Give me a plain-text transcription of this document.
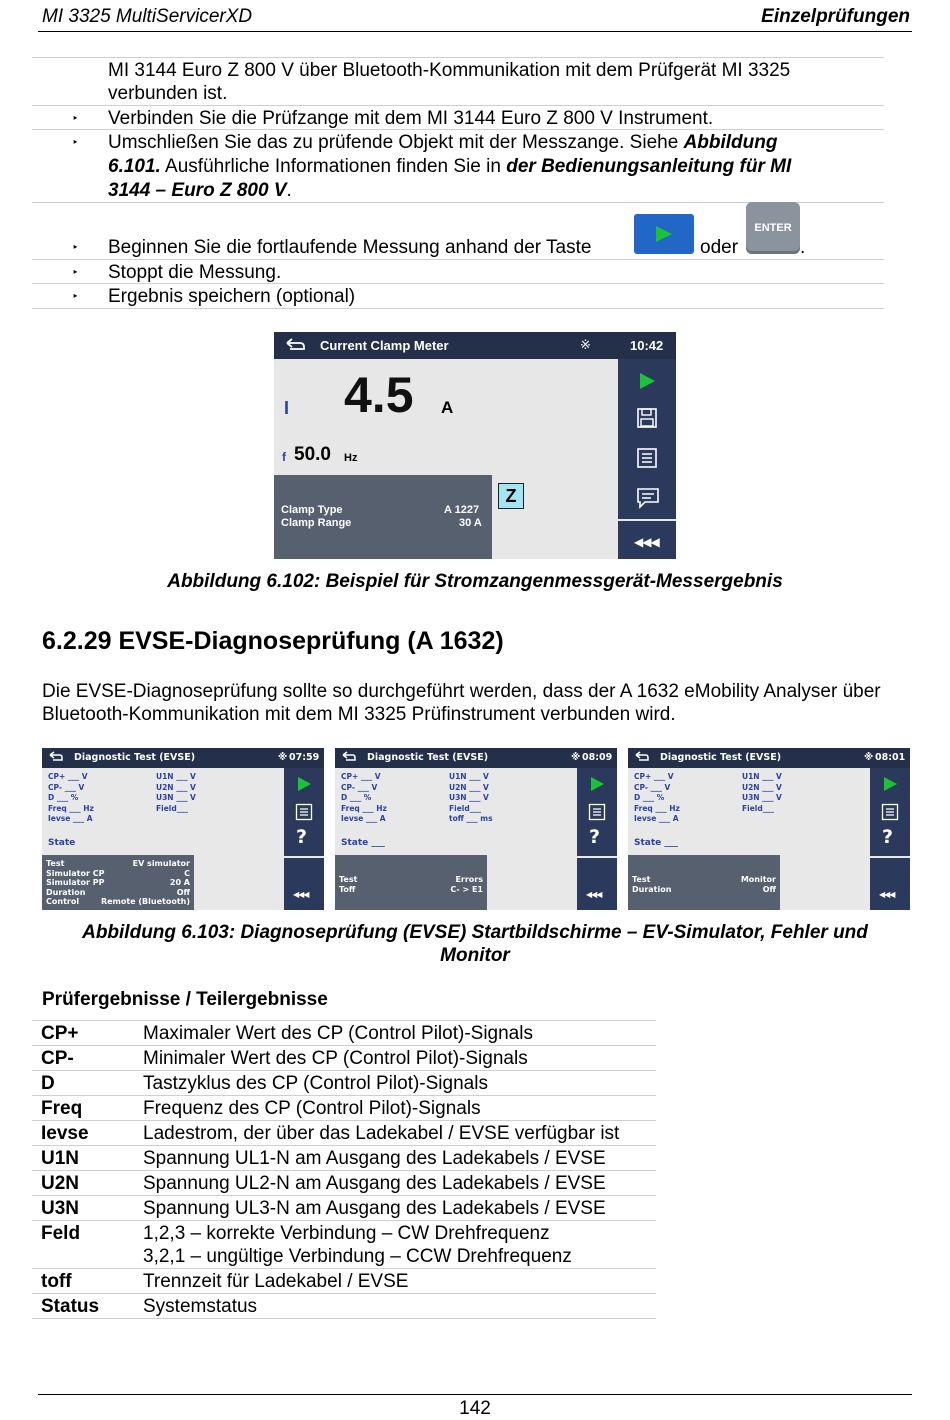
MI 3325 MultiServicerXD	Einzelprüfungen
MI 3144 Euro Z 800 V über Bluetooth-Kommunikation mit dem Prüfgerät MI 3325
verbunden ist.
‣ Verbinden Sie die Prüfzange mit dem MI 3144 Euro Z 800 V Instrument.
‣ Umschließen Sie das zu prüfende Objekt mit der Messzange. Siehe Abbildung
6.101. Ausführliche Informationen finden Sie in der Bedienungsanleitung für MI
3144 – Euro Z 800 V.
‣ Beginnen Sie die fortlaufende Messung anhand der Taste	oder
ENTER
.
‣ Stoppt die Messung.
‣ Ergebnis speichern (optional)
Current Clamp Meter	※	10:42
I 4.5 A
f 50.0 Hz
Clamp Type	A 1227
Clamp Range	30 A
Z
◀◀◀
Abbildung 6.102: Beispiel für Stromzangenmessgerät-Messergebnis
6.2.29 EVSE-Diagnoseprüfung (A 1632)
Die EVSE-Diagnoseprüfung sollte so durchgeführt werden, dass der A 1632 eMobility Analyser über Bluetooth-Kommunikation mit dem MI 3325 Prüfinstrument verbunden wird.
Diagnostic Test (EVSE)	※ 07:59
CP+ ___ V	U1N ___ V
CP- ___ V	U2N ___ V
D ___ %	U3N ___ V
Freq ___ Hz	Field___
Ievse ___ A
State
Test	EV simulator
Simulator CP	C
Simulator PP	20 A
Duration	Off
Control	Remote (Bluetooth)
?
◀◀◀
Diagnostic Test (EVSE)	※ 08:09
CP+ ___ V	U1N ___ V
CP- ___ V	U2N ___ V
D ___ %	U3N ___ V
Freq ___ Hz	Field___
Ievse ___ A	toff ___ ms
State ___
Test	Errors
Toff	C- > E1
?
◀◀◀
Diagnostic Test (EVSE)	※ 08:01
CP+ ___ V	U1N ___ V
CP- ___ V	U2N ___ V
D ___ %	U3N ___ V
Freq ___ Hz	Field___
Ievse ___ A
State ___
Test	Monitor
Duration	Off
?
◀◀◀
Abbildung 6.103: Diagnoseprüfung (EVSE) Startbildschirme – EV-Simulator, Fehler und
Monitor
Prüfergebnisse / Teilergebnisse
CP+	Maximaler Wert des CP (Control Pilot)-Signals
CP-	Minimaler Wert des CP (Control Pilot)-Signals
D	Tastzyklus des CP (Control Pilot)-Signals
Freq	Frequenz des CP (Control Pilot)-Signals
Ievse	Ladestrom, der über das Ladekabel / EVSE verfügbar ist
U1N	Spannung UL1-N am Ausgang des Ladekabels / EVSE
U2N	Spannung UL2-N am Ausgang des Ladekabels / EVSE
U3N	Spannung UL3-N am Ausgang des Ladekabels / EVSE
Feld	1,2,3 – korrekte Verbindung – CW Drehfrequenz
3,2,1 – ungültige Verbindung – CCW Drehfrequenz
toff	Trennzeit für Ladekabel / EVSE
Status	Systemstatus
142
